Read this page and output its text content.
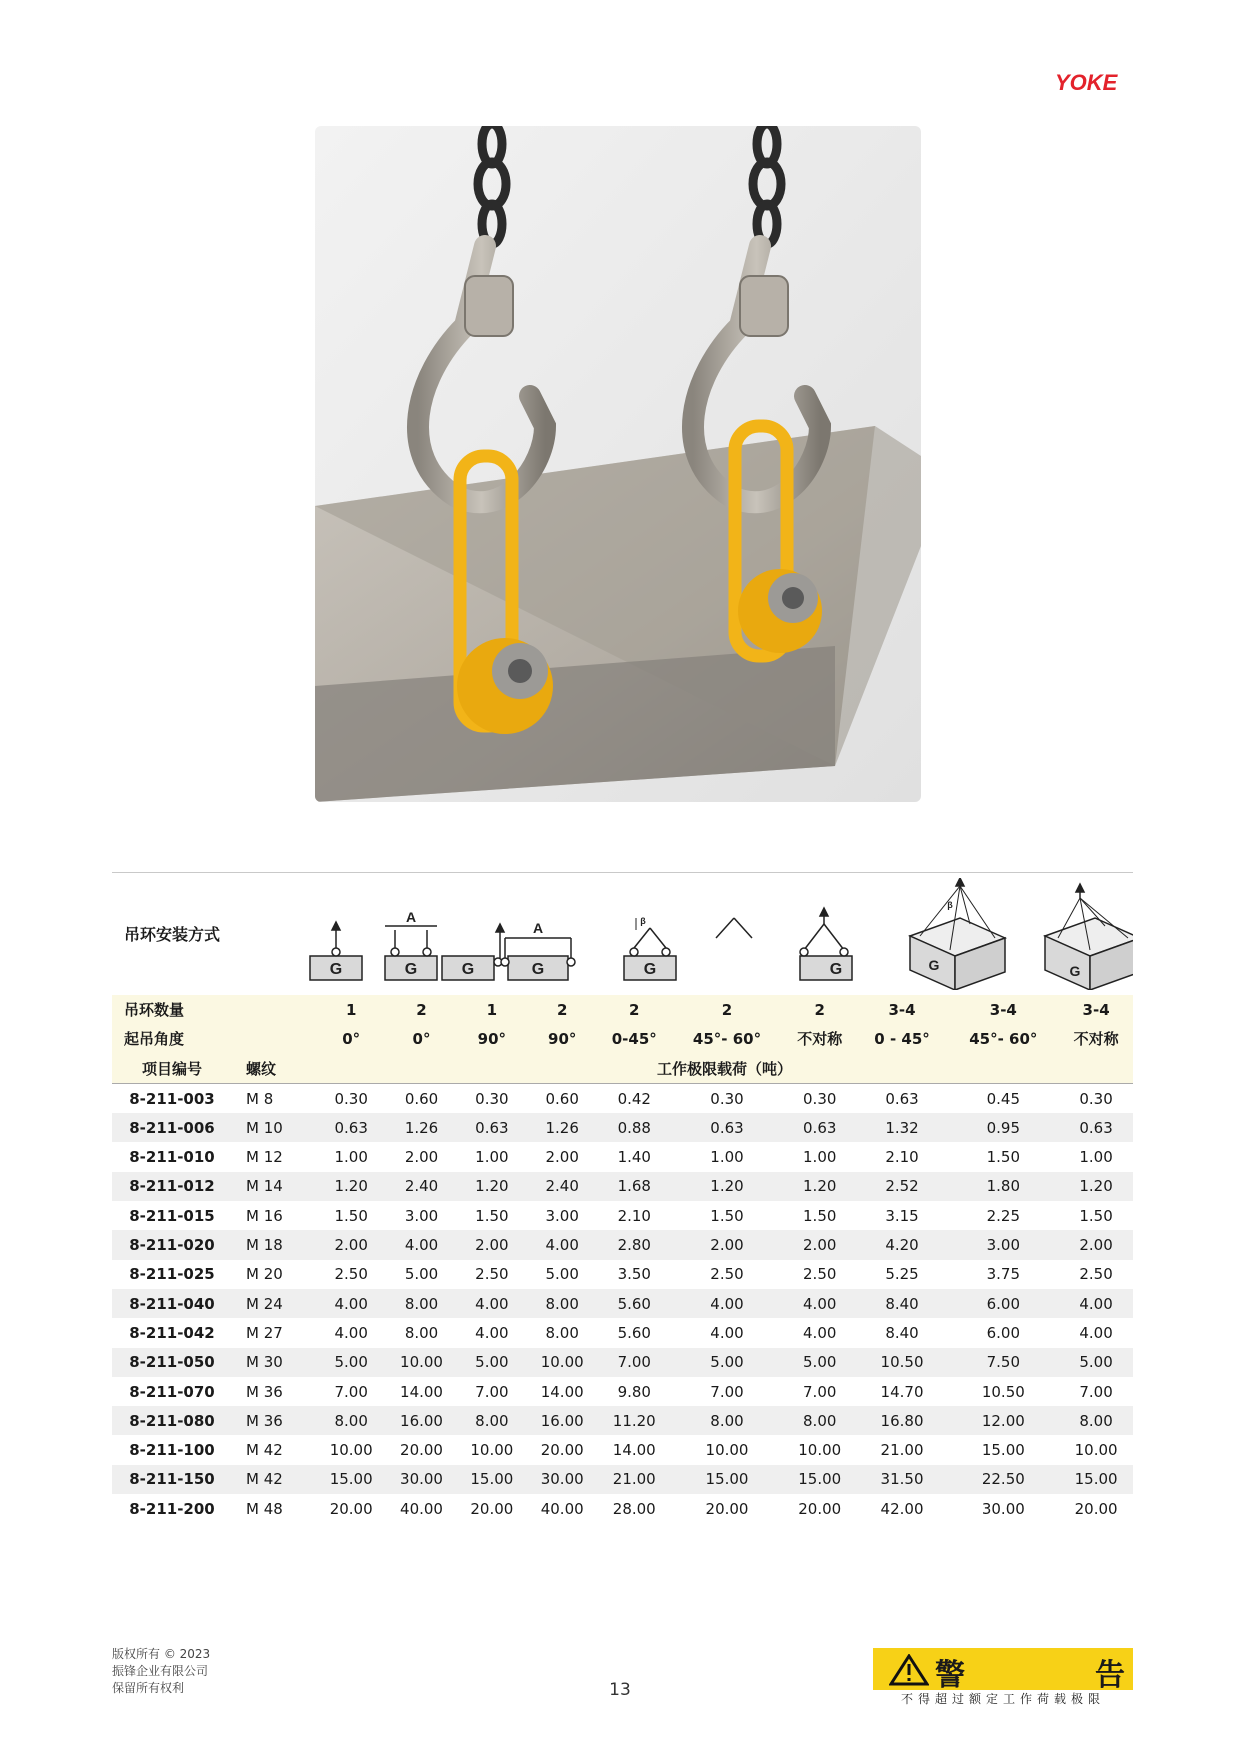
YOKE
吊环安装方式
G	G
A
G	G
A
G
β
G	G
β
G
吊环数量		1	2	1	2	2	2	2	3-4	3-4	3-4
起吊角度		0°	0°	90°	90°	0-45°	45°- 60°	不对称	0 - 45°	45°- 60°	不对称
项目编号	螺纹	工作极限载荷（吨）									
8-211-003	M 8	0.30	0.60	0.30	0.60	0.42	0.30	0.30	0.63	0.45	0.30
8-211-006	M 10	0.63	1.26	0.63	1.26	0.88	0.63	0.63	1.32	0.95	0.63
8-211-010	M 12	1.00	2.00	1.00	2.00	1.40	1.00	1.00	2.10	1.50	1.00
8-211-012	M 14	1.20	2.40	1.20	2.40	1.68	1.20	1.20	2.52	1.80	1.20
8-211-015	M 16	1.50	3.00	1.50	3.00	2.10	1.50	1.50	3.15	2.25	1.50
8-211-020	M 18	2.00	4.00	2.00	4.00	2.80	2.00	2.00	4.20	3.00	2.00
8-211-025	M 20	2.50	5.00	2.50	5.00	3.50	2.50	2.50	5.25	3.75	2.50
8-211-040	M 24	4.00	8.00	4.00	8.00	5.60	4.00	4.00	8.40	6.00	4.00
8-211-042	M 27	4.00	8.00	4.00	8.00	5.60	4.00	4.00	8.40	6.00	4.00
8-211-050	M 30	5.00	10.00	5.00	10.00	7.00	5.00	5.00	10.50	7.50	5.00
8-211-070	M 36	7.00	14.00	7.00	14.00	9.80	7.00	7.00	14.70	10.50	7.00
8-211-080	M 36	8.00	16.00	8.00	16.00	11.20	8.00	8.00	16.80	12.00	8.00
8-211-100	M 42	10.00	20.00	10.00	20.00	14.00	10.00	10.00	21.00	15.00	10.00
8-211-150	M 42	15.00	30.00	15.00	30.00	21.00	15.00	15.00	31.50	22.50	15.00
8-211-200	M 48	20.00	40.00	20.00	40.00	28.00	20.00	20.00	42.00	30.00	20.00
版权所有 © 2023
振锋企业有限公司
保留所有权利	13	警	告
不得超过额定工作荷载极限
